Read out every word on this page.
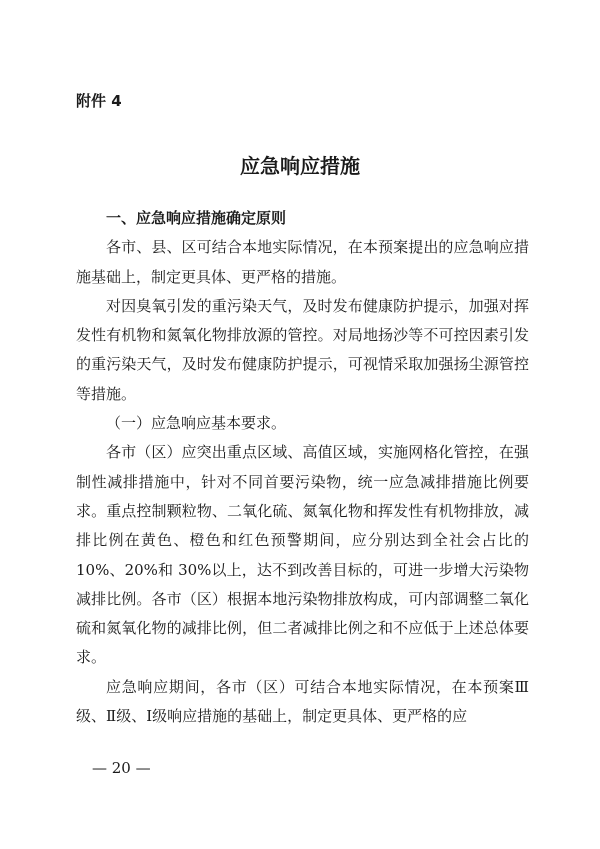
附件 4
应急响应措施

一、应急响应措施确定原则

各市、县、区可结合本地实际情况，在本预案提出的应急响应措施基础上，制定更具体、更严格的措施。

对因臭氧引发的重污染天气，及时发布健康防护提示，加强对挥发性有机物和氮氧化物排放源的管控。对局地扬沙等不可控因素引发的重污染天气，及时发布健康防护提示，可视情采取加强扬尘源管控等措施。

（一）应急响应基本要求。

各市（区）应突出重点区域、高值区域，实施网格化管控，在强制性减排措施中，针对不同首要污染物，统一应急减排措施比例要求。重点控制颗粒物、二氧化硫、氮氧化物和挥发性有机物排放，减排比例在黄色、橙色和红色预警期间，应分别达到全社会占比的 10%、20%和 30%以上，达不到改善目标的，可进一步增大污染物减排比例。各市（区）根据本地污染物排放构成，可内部调整二氧化硫和氮氧化物的减排比例，但二者减排比例之和不应低于上述总体要求。

应急响应期间，各市（区）可结合本地实际情况，在本预案Ⅲ级、Ⅱ级、Ⅰ级响应措施的基础上，制定更具体、更严格的应

— 20 —
